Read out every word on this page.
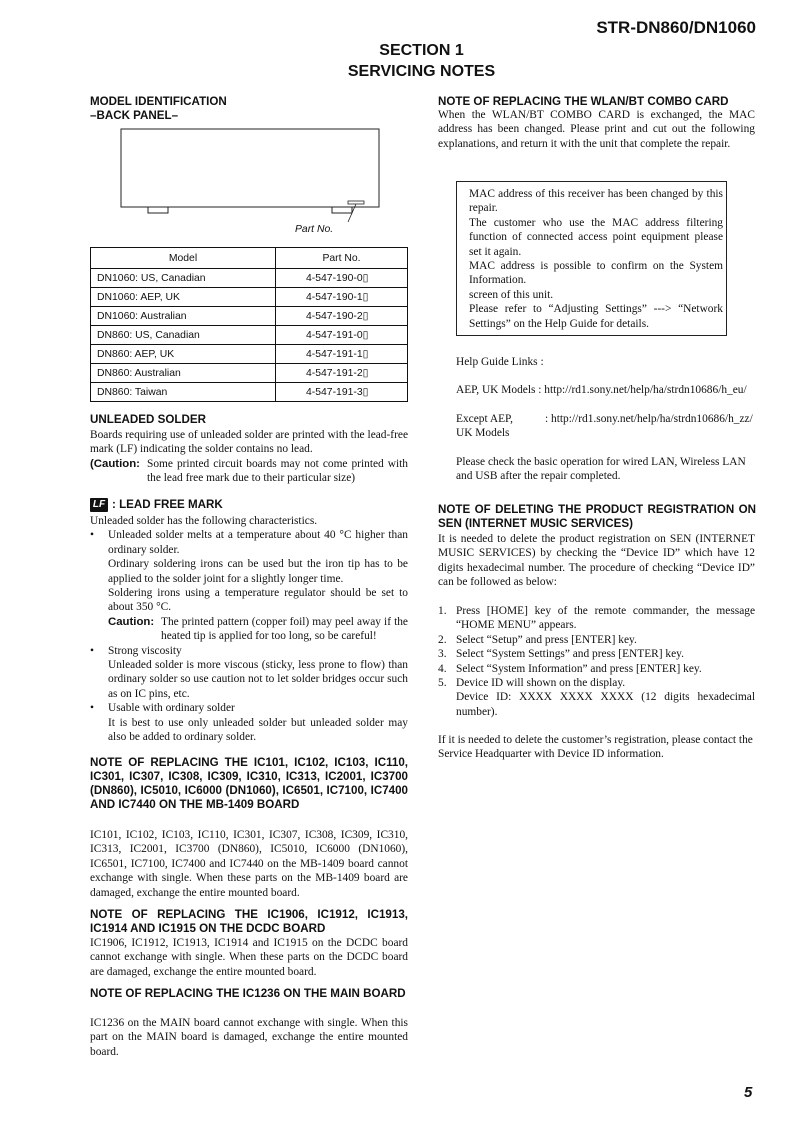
STR-DN860/DN1060
SECTION 1
SERVICING NOTES
MODEL IDENTIFICATION
–BACK PANEL–
Part No.
Model	Part No.
DN1060: US, Canadian	4-547-190-0▯
DN1060: AEP, UK	4-547-190-1▯
DN1060: Australian	4-547-190-2▯
DN860: US, Canadian	4-547-191-0▯
DN860: AEP, UK	4-547-191-1▯
DN860: Australian	4-547-191-2▯
DN860: Taiwan	4-547-191-3▯
UNLEADED SOLDER
Boards requiring use of unleaded solder are printed with the lead-free mark (LF) indicating the solder contains no lead.
(Caution: Some printed circuit boards may not come printed with the lead free mark due to their particular size)
LF : LEAD FREE MARK
Unleaded solder has the following characteristics.
• Unleaded solder melts at a temperature about 40 °C higher than ordinary solder.
Ordinary soldering irons can be used but the iron tip has to be applied to the solder joint for a slightly longer time.
Soldering irons using a temperature regulator should be set to about 350 °C.
Caution: The printed pattern (copper foil) may peel away if the heated tip is applied for too long, so be careful!
• Strong viscosity
Unleaded solder is more viscous (sticky, less prone to flow) than ordinary solder so use caution not to let solder bridges occur such as on IC pins, etc.
• Usable with ordinary solder
It is best to use only unleaded solder but unleaded solder may also be added to ordinary solder.
NOTE OF REPLACING THE IC101, IC102, IC103, IC110, IC301, IC307, IC308, IC309, IC310, IC313, IC2001, IC3700 (DN860), IC5010, IC6000 (DN1060), IC6501, IC7100, IC7400 AND IC7440 ON THE MB-1409 BOARD
IC101, IC102, IC103, IC110, IC301, IC307, IC308, IC309, IC310, IC313, IC2001, IC3700 (DN860), IC5010, IC6000 (DN1060), IC6501, IC7100, IC7400 and IC7440 on the MB-1409 board cannot exchange with single. When these parts on the MB-1409 board are damaged, exchange the entire mounted board.
NOTE OF REPLACING THE IC1906, IC1912, IC1913, IC1914 AND IC1915 ON THE DCDC BOARD
IC1906, IC1912, IC1913, IC1914 and IC1915 on the DCDC board cannot exchange with single. When these parts on the DCDC board are damaged, exchange the entire mounted board.
NOTE OF REPLACING THE IC1236 ON THE MAIN BOARD
IC1236 on the MAIN board cannot exchange with single. When this part on the MAIN board is damaged, exchange the entire mounted board.
NOTE OF REPLACING THE WLAN/BT COMBO CARD
When the WLAN/BT COMBO CARD is exchanged, the MAC address has been changed. Please print and cut out the following explanations, and return it with the unit that complete the repair.
MAC address of this receiver has been changed by this repair.
The customer who use the MAC address filtering function of connected access point equipment please set it again.
MAC address is possible to confirm on the System Information.
screen of this unit.
Please refer to “Adjusting Settings” ---> “Network Settings” on the Help Guide for details.
Help Guide Links :
AEP, UK Models : http://rd1.sony.net/help/ha/strdn10686/h_eu/
Except AEP,
UK Models
: http://rd1.sony.net/help/ha/strdn10686/h_zz/
Please check the basic operation for wired LAN, Wireless LAN and USB after the repair completed.
NOTE OF DELETING THE PRODUCT REGISTRATION ON SEN (INTERNET MUSIC SERVICES)
It is needed to delete the product registration on SEN (INTERNET MUSIC SERVICES) by checking the “Device ID” which have 12 digits hexadecimal number. The procedure of checking “Device ID” can be followed as below:
1. Press [HOME] key of the remote commander, the message “HOME MENU” appears.
2. Select “Setup” and press [ENTER] key.
3. Select “System Settings” and press [ENTER] key.
4. Select “System Information” and press [ENTER] key.
5. Device ID will shown on the display.
Device ID: XXXX XXXX XXXX (12 digits hexadecimal number).
If it is needed to delete the customer’s registration, please contact the Service Headquarter with Device ID information.
5
